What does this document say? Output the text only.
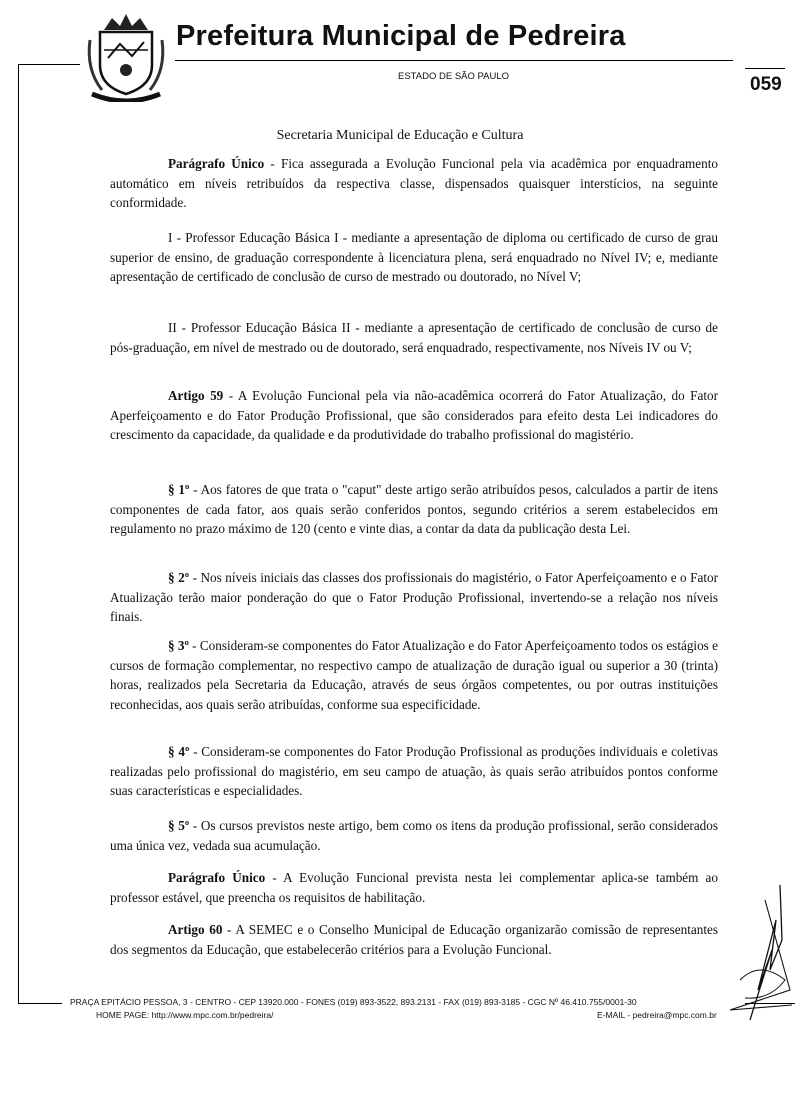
Prefeitura Municipal de Pedreira
ESTADO DE SÃO PAULO	059
Secretaria Municipal de Educação e Cultura
Parágrafo Único - Fica assegurada a Evolução Funcional pela via acadêmica por enquadramento automático em níveis retribuídos da respectiva classe, dispensados quaisquer interstícios, na seguinte conformidade.
I - Professor Educação Básica I - mediante a apresentação de diploma ou certificado de curso de grau superior de ensino, de graduação correspondente à licenciatura plena, será enquadrado no Nível IV; e, mediante apresentação de certificado de conclusão de curso de mestrado ou doutorado, no Nível V;
II - Professor Educação Básica II - mediante a apresentação de certificado de conclusão de curso de pós-graduação, em nível de mestrado ou de doutorado, será enquadrado, respectivamente, nos Níveis IV ou V;
Artigo 59 - A Evolução Funcional pela via não-acadêmica ocorrerá do Fator Atualização, do Fator Aperfeiçoamento e do Fator Produção Profissional, que são considerados para efeito desta Lei indicadores do crescimento da capacidade, da qualidade e da produtividade do trabalho profissional do magistério.
§ 1º - Aos fatores de que trata o "caput" deste artigo serão atribuídos pesos, calculados a partir de itens componentes de cada fator, aos quais serão conferidos pontos, segundo critérios a serem estabelecidos em regulamento no prazo máximo de 120 (cento e vinte dias, a contar da data da publicação desta Lei.
§ 2º - Nos níveis iniciais das classes dos profissionais do magistério, o Fator Aperfeiçoamento e o Fator Atualização terão maior ponderação do que o Fator Produção Profissional, invertendo-se a relação nos níveis finais.
§ 3º - Consideram-se componentes do Fator Atualização e do Fator Aperfeiçoamento todos os estágios e cursos de formação complementar, no respectivo campo de atualização de duração igual ou superior a 30 (trinta) horas, realizados pela Secretaria da Educação, através de seus órgãos competentes, ou por outras instituições reconhecidas, aos quais serão atribuídas, conforme sua especificidade.
§ 4º - Consideram-se componentes do Fator Produção Profissional as produções individuais e coletivas realizadas pelo profissional do magistério, em seu campo de atuação, às quais serão atribuídos pontos conforme suas características e especialidades.
§ 5º - Os cursos previstos neste artigo, bem como os itens da produção profissional, serão considerados uma única vez, vedada sua acumulação.
Parágrafo Único - A Evolução Funcional prevista nesta lei complementar aplica-se também ao professor estável, que preencha os requisitos de habilitação.
Artigo 60 - A SEMEC e o Conselho Municipal de Educação organizarão comissão de representantes dos segmentos da Educação, que estabelecerão critérios para a Evolução Funcional.
PRAÇA EPITÁCIO PESSOA, 3 - CENTRO - CEP 13920.000 - FONES (019) 893-3522, 893.2131 - FAX (019) 893-3185 - CGC Nº 46.410.755/0001-30
HOME PAGE: http://www.mpc.com.br/pedreira/	E-MAIL - pedreira@mpc.com.br
